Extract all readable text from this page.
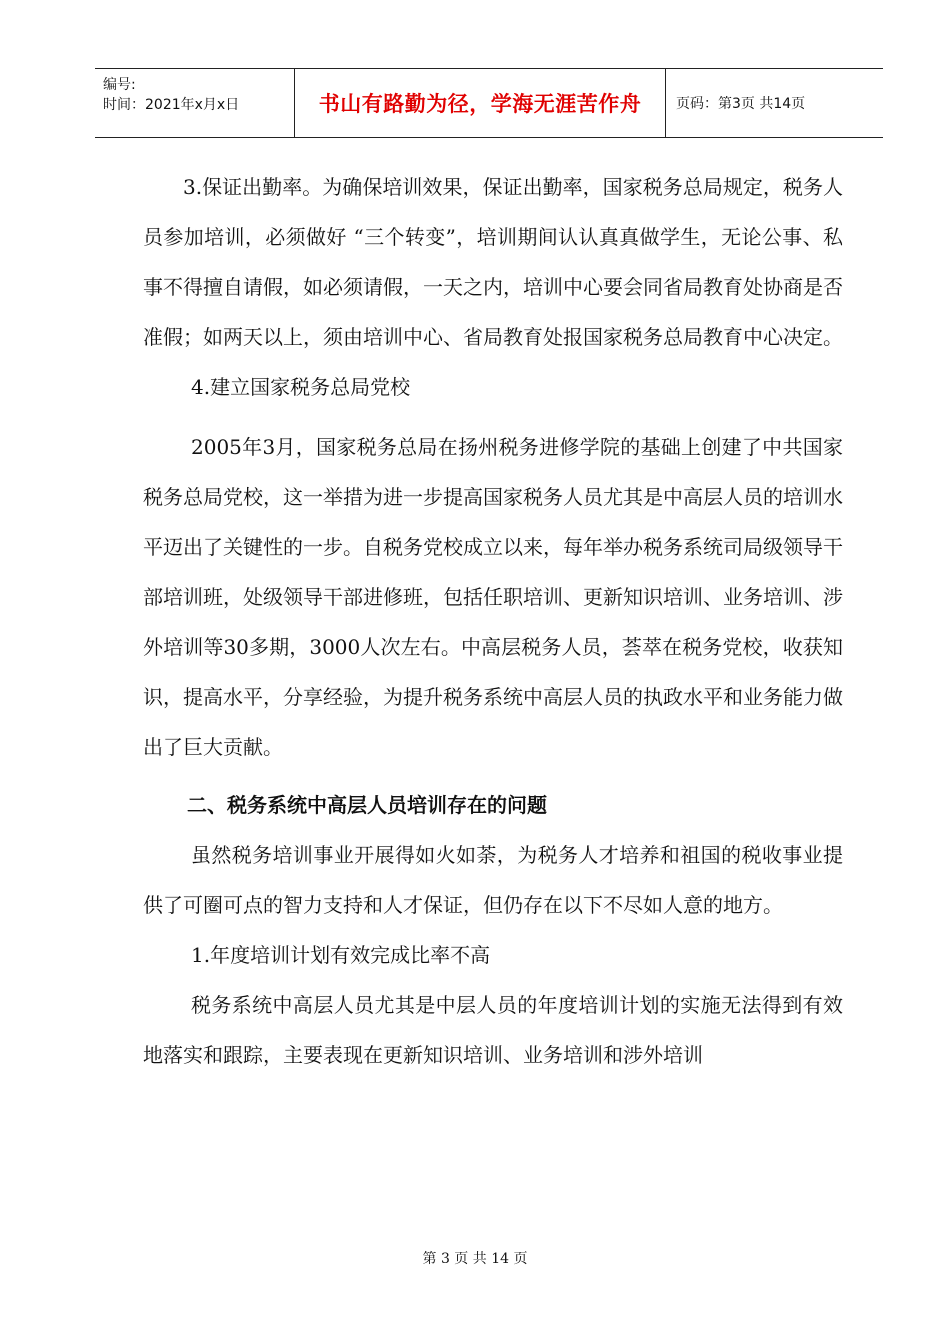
编号:
时间：2021年x月x日	书山有路勤为径，学海无涯苦作舟	页码：第3页 共14页

3.保证出勤率。为确保培训效果，保证出勤率，国家税务总局规定，税务人员参加培训，必须做好 “三个转变”，培训期间认认真真做学生，无论公事、私事不得擅自请假，如必须请假，一天之内，培训中心要会同省局教育处协商是否准假；如两天以上，须由培训中心、省局教育处报国家税务总局教育中心决定。

4.建立国家税务总局党校

2005年3月，国家税务总局在扬州税务进修学院的基础上创建了中共国家税务总局党校，这一举措为进一步提高国家税务人员尤其是中高层人员的培训水平迈出了关键性的一步。自税务党校成立以来，每年举办税务系统司局级领导干部培训班，处级领导干部进修班，包括任职培训、更新知识培训、业务培训、涉外培训等30多期，3000人次左右。中高层税务人员，荟萃在税务党校，收获知识，提高水平，分享经验，为提升税务系统中高层人员的执政水平和业务能力做出了巨大贡献。

二、税务系统中高层人员培训存在的问题

虽然税务培训事业开展得如火如荼，为税务人才培养和祖国的税收事业提供了可圈可点的智力支持和人才保证，但仍存在以下不尽如人意的地方。

1.年度培训计划有效完成比率不高

税务系统中高层人员尤其是中层人员的年度培训计划的实施无法得到有效地落实和跟踪，主要表现在更新知识培训、业务培训和涉外培训

第 3 页 共 14 页
